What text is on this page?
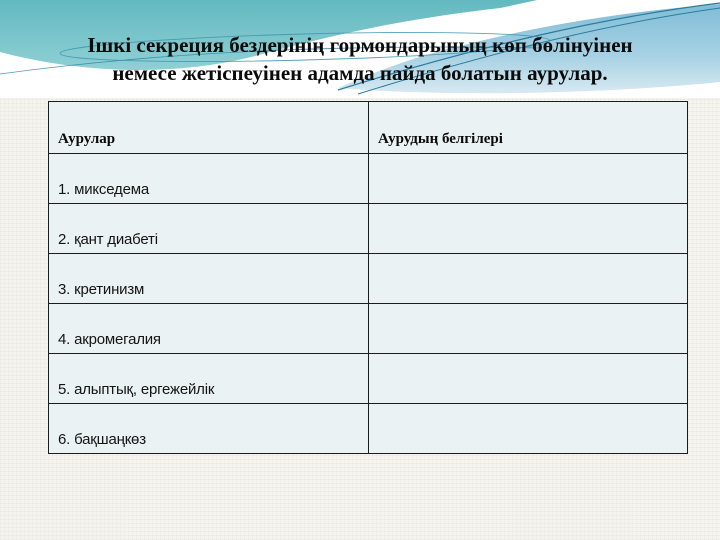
Ішкі секреция бездерінің гормондарының көп бөлінуінен
немесе жетіспеуінен адамда пайда болатын аурулар.
Аурулар	Аурудың белгілері
1. микседема	
2. қант диабеті	
3. кретинизм	
4. акромегалия	
5. алыптық, ергежейлік	
6. бақшаңкөз	
